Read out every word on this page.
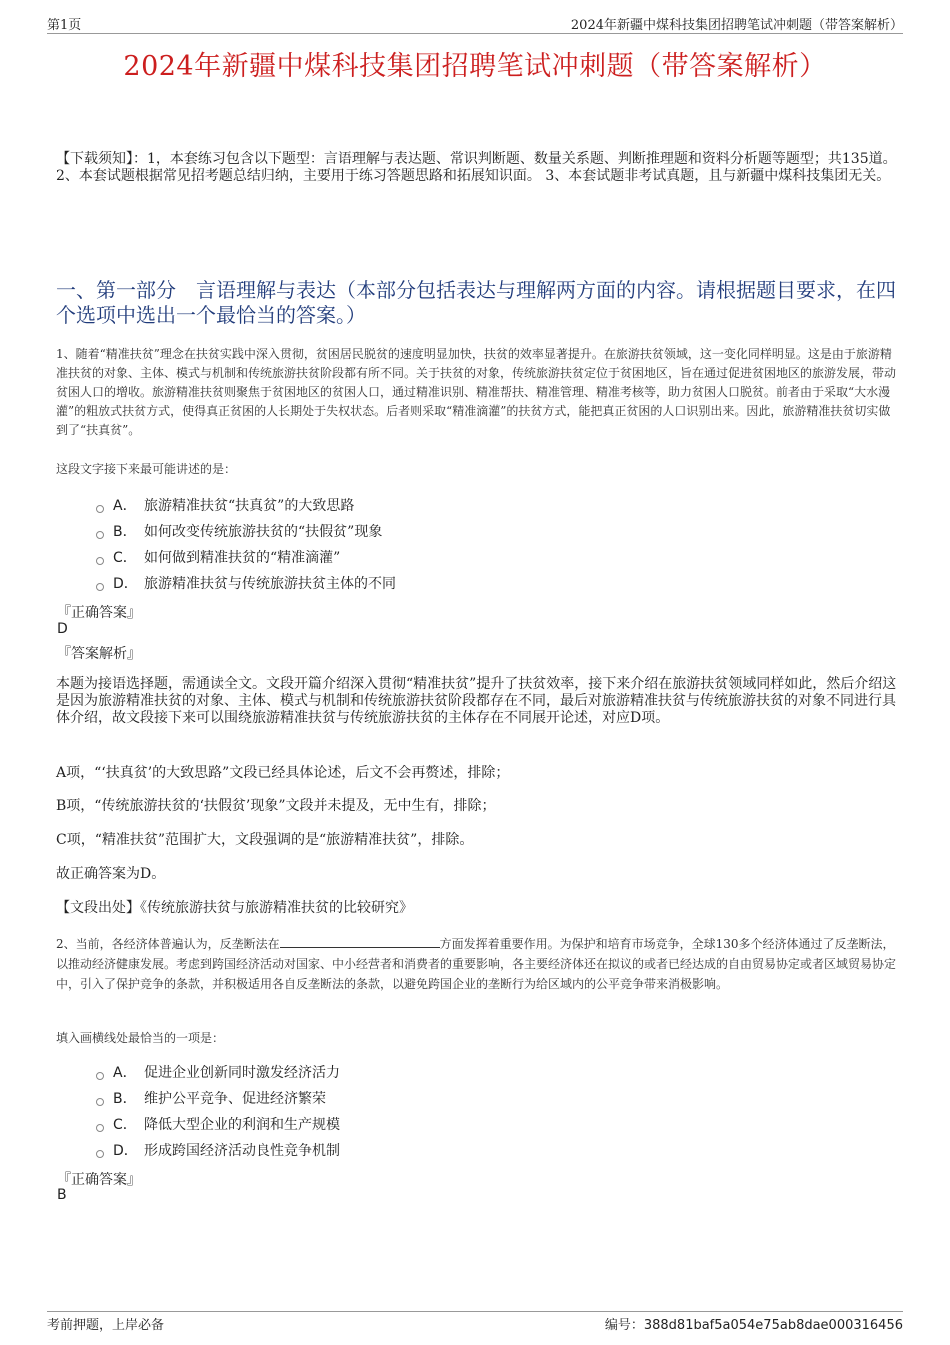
第1页	2024年新疆中煤科技集团招聘笔试冲刺题（带答案解析）
2024年新疆中煤科技集团招聘笔试冲刺题（带答案解析）
【下载须知】：1，本套练习包含以下题型：言语理解与表达题、常识判断题、数量关系题、判断推理题和资料分析题等题型；共135道。 2、本套试题根据常见招考题总结归纳，主要用于练习答题思路和拓展知识面。 3、本套试题非考试真题，且与新疆中煤科技集团无关。
一、第一部分　言语理解与表达（本部分包括表达与理解两方面的内容。请根据题目要求，在四个选项中选出一个最恰当的答案。）
1、随着“精准扶贫”理念在扶贫实践中深入贯彻，贫困居民脱贫的速度明显加快，扶贫的效率显著提升。在旅游扶贫领域，这一变化同样明显。这是由于旅游精准扶贫的对象、主体、模式与机制和传统旅游扶贫阶段都有所不同。关于扶贫的对象，传统旅游扶贫定位于贫困地区，旨在通过促进贫困地区的旅游发展，带动贫困人口的增收。旅游精准扶贫则聚焦于贫困地区的贫困人口，通过精准识别、精准帮扶、精准管理、精准考核等，助力贫困人口脱贫。前者由于采取“大水漫灌”的粗放式扶贫方式，使得真正贫困的人长期处于失权状态。后者则采取“精准滴灌”的扶贫方式，能把真正贫困的人口识别出来。因此，旅游精准扶贫切实做到了“扶真贫”。
这段文字接下来最可能讲述的是：
A． 旅游精准扶贫“扶真贫”的大致思路
B． 如何改变传统旅游扶贫的“扶假贫”现象
C． 如何做到精准扶贫的“精准滴灌”
D． 旅游精准扶贫与传统旅游扶贫主体的不同
『正确答案』
D
『答案解析』
本题为接语选择题，需通读全文。文段开篇介绍深入贯彻“精准扶贫”提升了扶贫效率，接下来介绍在旅游扶贫领域同样如此，然后介绍这是因为旅游精准扶贫的对象、主体、模式与机制和传统旅游扶贫阶段都存在不同，最后对旅游精准扶贫与传统旅游扶贫的对象不同进行具体介绍，故文段接下来可以围绕旅游精准扶贫与传统旅游扶贫的主体存在不同展开论述，对应D项。
A项，“‘扶真贫’的大致思路”文段已经具体论述，后文不会再赘述，排除；
B项，“传统旅游扶贫的‘扶假贫’现象”文段并未提及，无中生有，排除；
C项，“精准扶贫”范围扩大，文段强调的是“旅游精准扶贫”，排除。
故正确答案为D。
【文段出处】《传统旅游扶贫与旅游精准扶贫的比较研究》
2、当前，各经济体普遍认为，反垄断法在	方面发挥着重要作用。为保护和培育市场竞争，全球130多个经济体通过了反垄断法，以推动经济健康发展。考虑到跨国经济活动对国家、中小经营者和消费者的重要影响，各主要经济体还在拟议的或者已经达成的自由贸易协定或者区域贸易协定中，引入了保护竞争的条款，并积极适用各自反垄断法的条款，以避免跨国企业的垄断行为给区域内的公平竞争带来消极影响。
填入画横线处最恰当的一项是：
A． 促进企业创新同时激发经济活力
B． 维护公平竞争、促进经济繁荣
C． 降低大型企业的利润和生产规模
D． 形成跨国经济活动良性竞争机制
『正确答案』
B
考前押题，上岸必备	编号：388d81baf5a054e75ab8dae000316456
